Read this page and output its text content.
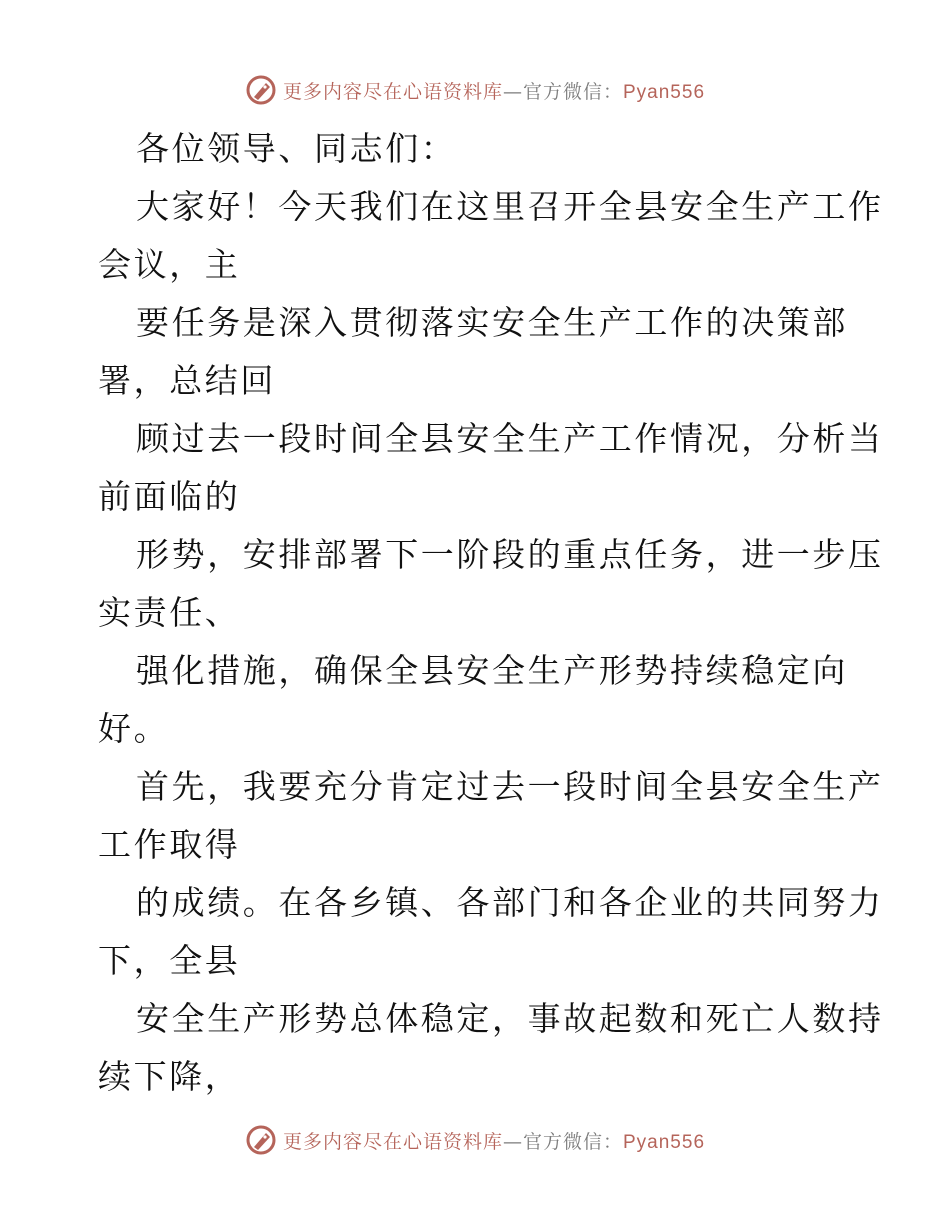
更多内容尽在心语资料库—官方微信：Pyan556
各位领导、同志们：
大家好！今天我们在这里召开全县安全生产工作
会议，主
要任务是深入贯彻落实安全生产工作的决策部
署，总结回
顾过去一段时间全县安全生产工作情况，分析当
前面临的
形势，安排部署下一阶段的重点任务，进一步压
实责任、
强化措施，确保全县安全生产形势持续稳定向
好。
首先，我要充分肯定过去一段时间全县安全生产
工作取得
的成绩。在各乡镇、各部门和各企业的共同努力
下，全县
安全生产形势总体稳定，事故起数和死亡人数持
续下降，
更多内容尽在心语资料库—官方微信：Pyan556
